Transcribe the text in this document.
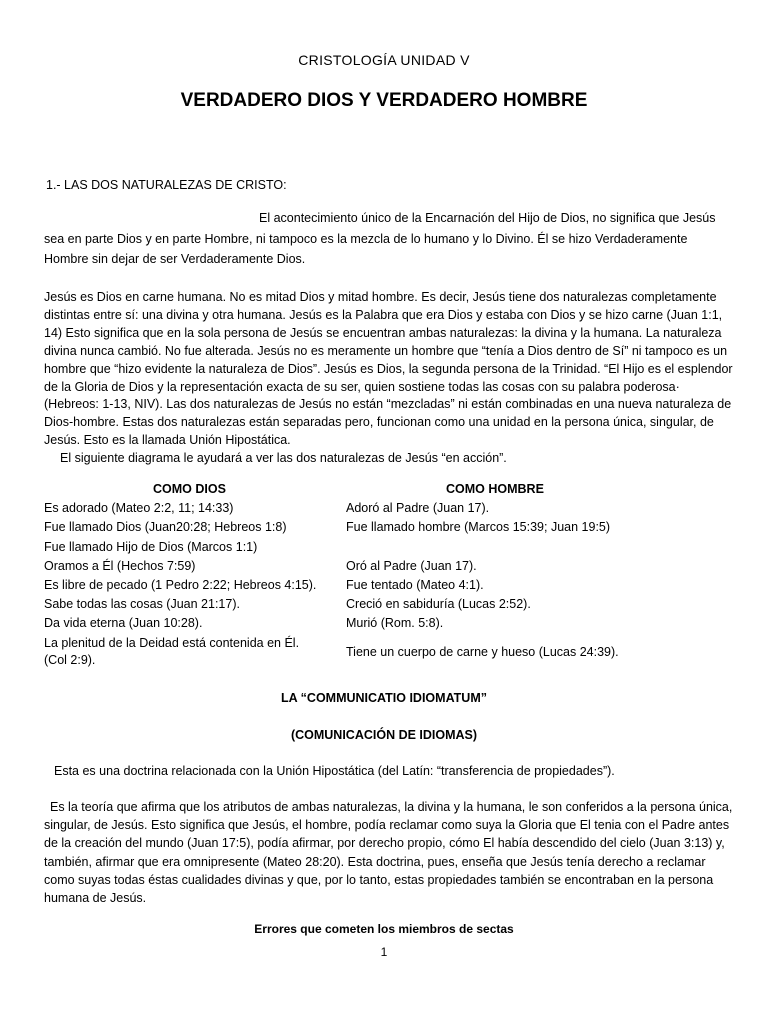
CRISTOLOGÍA UNIDAD V
VERDADERO DIOS Y VERDADERO HOMBRE
1.- LAS DOS NATURALEZAS DE CRISTO:
El acontecimiento único de la Encarnación del Hijo de Dios, no significa que Jesús sea en parte Dios y en parte Hombre, ni tampoco es la mezcla de lo humano y lo Divino. Él se hizo Verdaderamente Hombre sin dejar de ser Verdaderamente Dios.
Jesús es Dios en carne humana. No es mitad Dios y mitad hombre. Es decir, Jesús tiene dos naturalezas completamente distintas entre sí: una divina y otra humana. Jesús es la Palabra que era Dios y estaba con Dios y se hizo carne (Juan 1:1, 14) Esto significa que en la sola persona de Jesús se encuentran ambas naturalezas: la divina y la humana. La naturaleza divina nunca cambió. No fue alterada. Jesús no es meramente un hombre que “tenía a Dios dentro de Sí” ni tampoco es un hombre que “hizo evidente la naturaleza de Dios”. Jesús es Dios, la segunda persona de la Trinidad. “El Hijo es el esplendor de la Gloria de Dios y la representación exacta de su ser, quien sostiene todas las cosas con su palabra poderosa· (Hebreos: 1-13, NIV). Las dos naturalezas de Jesús no están “mezcladas” ni están combinadas en una nueva naturaleza de Dios-hombre. Estas dos naturalezas están separadas pero, funcionan como una unidad en la persona única, singular, de Jesús. Esto es la llamada Unión Hipostática.
El siguiente diagrama le ayudará a ver las dos naturalezas de Jesús “en acción”.
COMO DIOS	COMO HOMBRE
Es adorado (Mateo 2:2, 11; 14:33)
Fue llamado Dios (Juan20:28; Hebreos 1:8)
Fue llamado Hijo de Dios (Marcos 1:1)
Oramos a Él (Hechos 7:59)
Es libre de pecado (1 Pedro 2:22; Hebreos 4:15).
Sabe todas las cosas (Juan 21:17).
Da vida eterna (Juan 10:28).
La plenitud de la Deidad está contenida en Él.
(Col 2:9).
Adoró al Padre (Juan 17).
Fue llamado hombre (Marcos 15:39; Juan 19:5)
Oró al Padre (Juan 17).
Fue tentado (Mateo 4:1).
Creció en sabiduría (Lucas 2:52).
Murió (Rom. 5:8).
Tiene un cuerpo de carne y hueso (Lucas 24:39).
LA “COMMUNICATIO IDIOMATUM”
(COMUNICACIÓN DE IDIOMAS)
Esta es una doctrina relacionada con la Unión Hipostática (del Latín: “transferencia de propiedades”).
Es la teoría que afirma que los atributos de ambas naturalezas, la divina y la humana, le son conferidos a la persona única, singular, de Jesús. Esto significa que Jesús, el hombre, podía reclamar como suya la Gloria que El tenia con el Padre antes de la creación del mundo (Juan 17:5), podía afirmar, por derecho propio, cómo El había descendido del cielo (Juan 3:13) y, también, afirmar que era omnipresente (Mateo 28:20). Esta doctrina, pues, enseña que Jesús tenía derecho a reclamar como suyas todas éstas cualidades divinas y que, por lo tanto, estas propiedades también se encontraban en la persona humana de Jesús.
Errores que cometen los miembros de sectas
1
